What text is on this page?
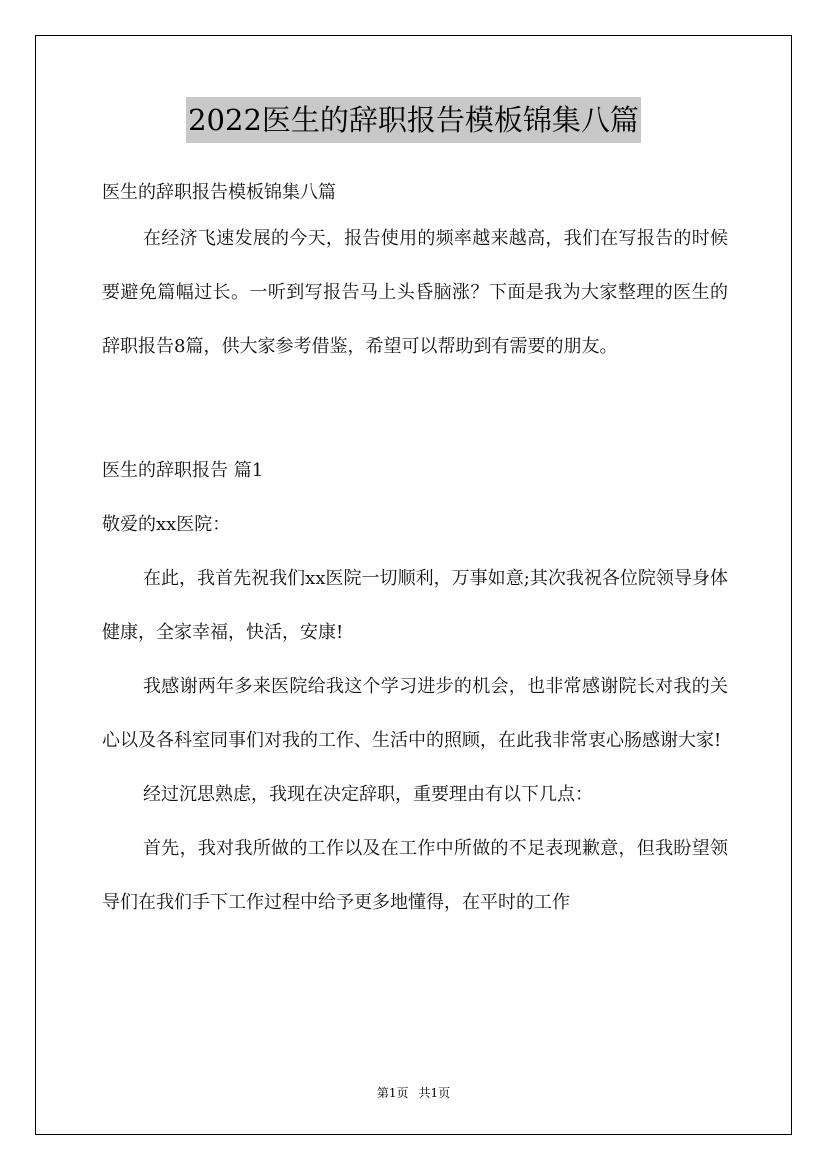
2022医生的辞职报告模板锦集八篇

医生的辞职报告模板锦集八篇

在经济飞速发展的今天，报告使用的频率越来越高，我们在写报告的时候要避免篇幅过长。一听到写报告马上头昏脑涨？下面是我为大家整理的医生的辞职报告8篇，供大家参考借鉴，希望可以帮助到有需要的朋友。

医生的辞职报告 篇1

敬爱的xx医院：

在此，我首先祝我们xx医院一切顺利，万事如意;其次我祝各位院领导身体健康，全家幸福，快活，安康!

我感谢两年多来医院给我这个学习进步的机会，也非常感谢院长对我的关心以及各科室同事们对我的工作、生活中的照顾，在此我非常衷心肠感谢大家!

经过沉思熟虑，我现在决定辞职，重要理由有以下几点：

首先，我对我所做的工作以及在工作中所做的不足表现歉意，但我盼望领导们在我们手下工作过程中给予更多地懂得，在平时的工作

第1页 共1页
